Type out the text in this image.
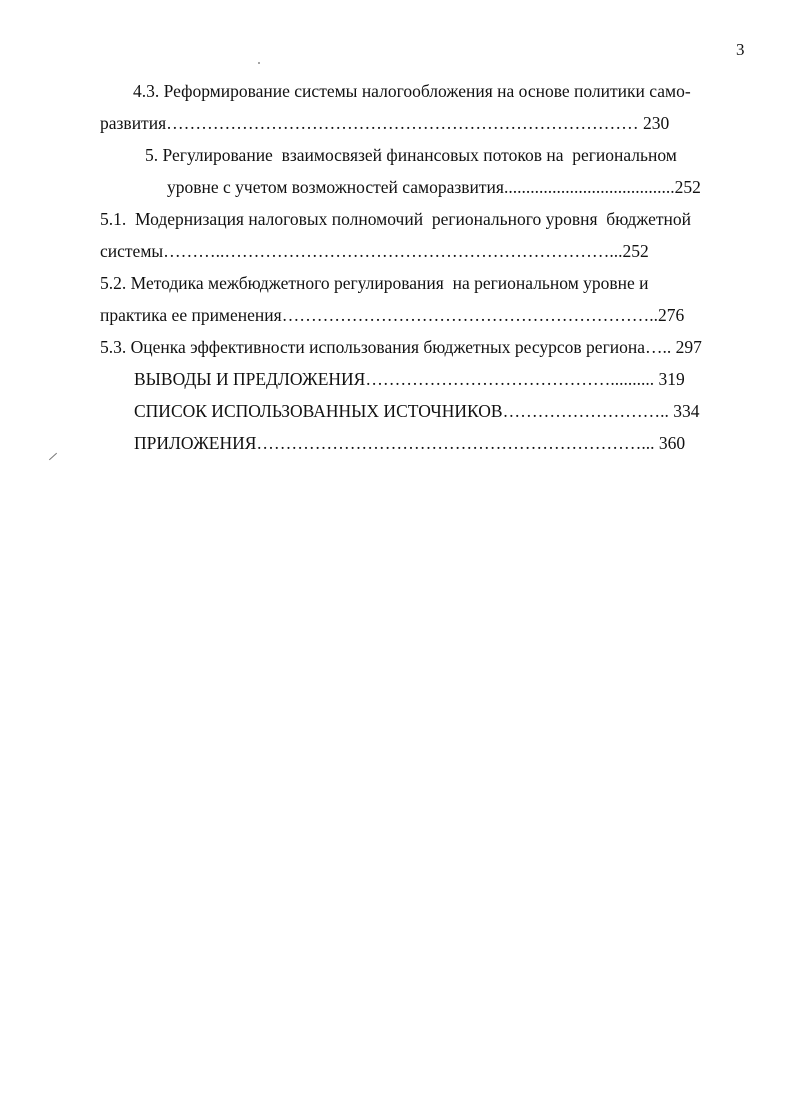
3
4.3. Реформирование системы налогообложения на основе политики само-
развития……………………………………………………………………… 230
5. Регулирование  взаимосвязей финансовых потоков на  региональном
уровне с учетом возможностей саморазвития.......................................252
5.1.  Модернизация налоговых полномочий  регионального уровня  бюджетной
системы………..…………………………………………………………...252
5.2. Методика межбюджетного регулирования  на региональном уровне и
практика ее применения………………………………………………………..276
5.3. Оценка эффективности использования бюджетных ресурсов региона….. 297
ВЫВОДЫ И ПРЕДЛОЖЕНИЯ…………………………………….......... 319
СПИСОК ИСПОЛЬЗОВАННЫХ ИСТОЧНИКОВ……………………….. 334
ПРИЛОЖЕНИЯ…………………………………………………………... 360
